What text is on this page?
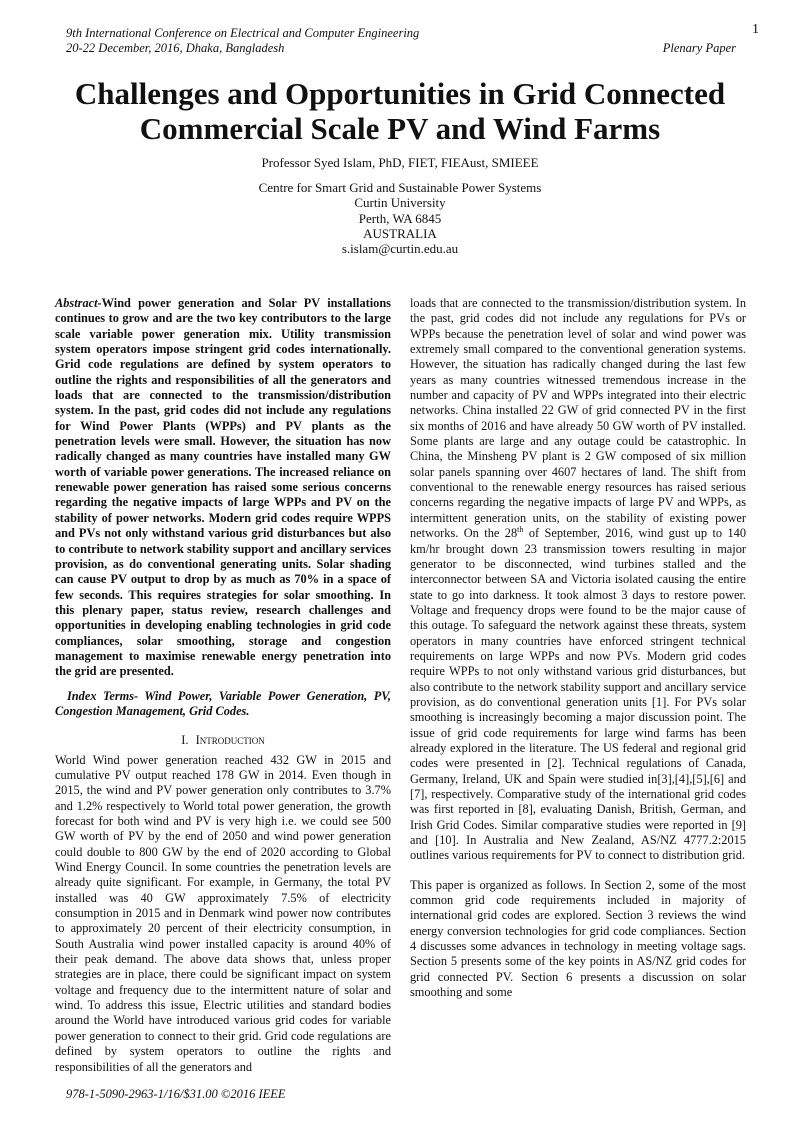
1
9th International Conference on Electrical and Computer Engineering
20-22 December, 2016, Dhaka, Bangladesh	Plenary Paper
Challenges and Opportunities in Grid Connected Commercial Scale PV and Wind Farms
Professor Syed Islam, PhD, FIET, FIEAust, SMIEEE
Centre for Smart Grid and Sustainable Power Systems
Curtin University
Perth, WA 6845
AUSTRALIA
s.islam@curtin.edu.au

Abstract-Wind power generation and Solar PV installations continues to grow and are the two key contributors to the large scale variable power generation mix. Utility transmission system operators impose stringent grid codes internationally. Grid code regulations are defined by system operators to outline the rights and responsibilities of all the generators and loads that are connected to the transmission/distribution system. In the past, grid codes did not include any regulations for Wind Power Plants (WPPs) and PV plants as the penetration levels were small. However, the situation has now radically changed as many countries have installed many GW worth of variable power generations. The increased reliance on renewable power generation has raised some serious concerns regarding the negative impacts of large WPPs and PV on the stability of power networks. Modern grid codes require WPPS and PVs not only withstand various grid disturbances but also to contribute to network stability support and ancillary services provision, as do conventional generating units. Solar shading can cause PV output to drop by as much as 70% in a space of few seconds. This requires strategies for solar smoothing. In this plenary paper, status review, research challenges and opportunities in developing enabling technologies in grid code compliances, solar smoothing, storage and congestion management to maximise renewable energy penetration into the grid are presented.

Index Terms- Wind Power, Variable Power Generation, PV, Congestion Management, Grid Codes.

I. Introduction

World Wind power generation reached 432 GW in 2015 and cumulative PV output reached 178 GW in 2014. Even though in 2015, the wind and PV power generation only contributes to 3.7% and 1.2% respectively to World total power generation, the growth forecast for both wind and PV is very high i.e. we could see 500 GW worth of PV by the end of 2050 and wind power generation could double to 800 GW by the end of 2020 according to Global Wind Energy Council. In some countries the penetration levels are already quite significant. For example, in Germany, the total PV installed was 40 GW approximately 7.5% of electricity consumption in 2015 and in Denmark wind power now contributes to approximately 20 percent of their electricity consumption, in South Australia wind power installed capacity is around 40% of their peak demand. The above data shows that, unless proper strategies are in place, there could be significant impact on system voltage and frequency due to the intermittent nature of solar and wind. To address this issue, Electric utilities and standard bodies around the World have introduced various grid codes for variable power generation to connect to their grid. Grid code regulations are defined by system operators to outline the rights and responsibilities of all the generators and

loads that are connected to the transmission/distribution system. In the past, grid codes did not include any regulations for PVs or WPPs because the penetration level of solar and wind power was extremely small compared to the conventional generation systems. However, the situation has radically changed during the last few years as many countries witnessed tremendous increase in the number and capacity of PV and WPPs integrated into their electric networks. China installed 22 GW of grid connected PV in the first six months of 2016 and have already 50 GW worth of PV installed. Some plants are large and any outage could be catastrophic. In China, the Minsheng PV plant is 2 GW composed of six million solar panels spanning over 4607 hectares of land. The shift from conventional to the renewable energy resources has raised serious concerns regarding the negative impacts of large PV and WPPs, as intermittent generation units, on the stability of existing power networks. On the 28th of September, 2016, wind gust up to 140 km/hr brought down 23 transmission towers resulting in major generator to be disconnected, wind turbines stalled and the interconnector between SA and Victoria isolated causing the entire state to go into darkness. It took almost 3 days to restore power. Voltage and frequency drops were found to be the major cause of this outage. To safeguard the network against these threats, system operators in many countries have enforced stringent technical requirements on large WPPs and now PVs. Modern grid codes require WPPs to not only withstand various grid disturbances, but also contribute to the network stability support and ancillary service provision, as do conventional generation units [1]. For PVs solar smoothing is increasingly becoming a major discussion point. The issue of grid code requirements for large wind farms has been already explored in the literature. The US federal and regional grid codes were presented in [2]. Technical regulations of Canada, Germany, Ireland, UK and Spain were studied in[3],[4],[5],[6] and [7], respectively. Comparative study of the international grid codes was first reported in [8], evaluating Danish, British, German, and Irish Grid Codes. Similar comparative studies were reported in [9] and [10]. In Australia and New Zealand, AS/NZ 4777.2:2015 outlines various requirements for PV to connect to distribution grid.

This paper is organized as follows. In Section 2, some of the most common grid code requirements included in majority of international grid codes are explored. Section 3 reviews the wind energy conversion technologies for grid code compliances. Section 4 discusses some advances in technology in meeting voltage sags. Section 5 presents some of the key points in AS/NZ grid codes for grid connected PV. Section 6 presents a discussion on solar smoothing and some

978-1-5090-2963-1/16/$31.00 ©2016 IEEE
